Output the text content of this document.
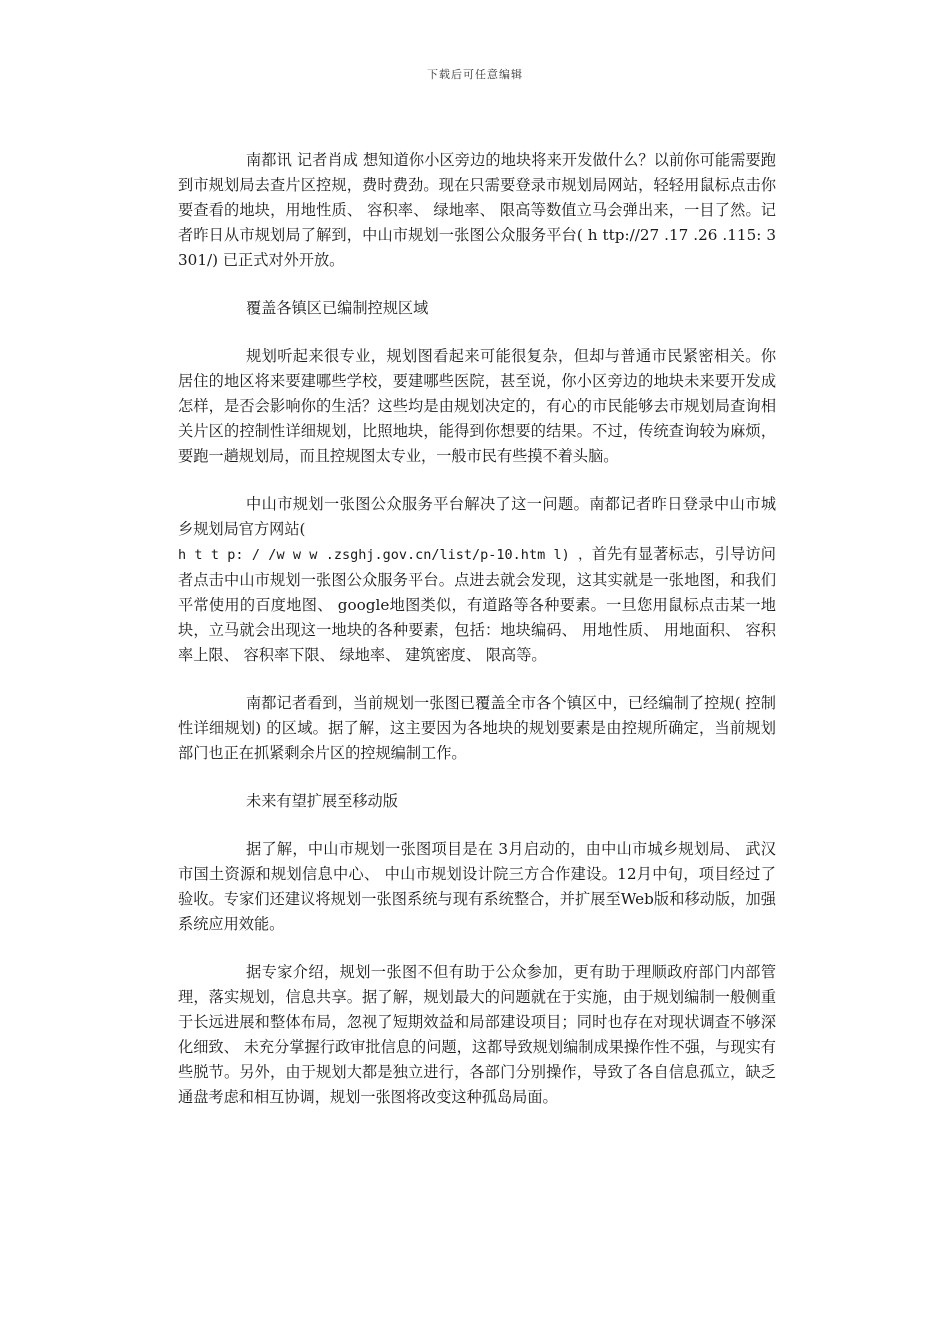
下载后可任意编辑

南都讯 记者肖成 想知道你小区旁边的地块将来开发做什么？以前你可能需要跑到市规划局去查片区控规，费时费劲。现在只需要登录市规划局网站，轻轻用鼠标点击你要查看的地块，用地性质、 容积率、 绿地率、 限高等数值立马会弹出来，一目了然。记者昨日从市规划局了解到，中山市规划一张图公众服务平台( h ttp://27 .17 .26 .115: 3301/) 已正式对外开放。

覆盖各镇区已编制控规区域

规划听起来很专业，规划图看起来可能很复杂，但却与普通市民紧密相关。你居住的地区将来要建哪些学校，要建哪些医院，甚至说，你小区旁边的地块未来要开发成怎样，是否会影响你的生活？这些均是由规划决定的，有心的市民能够去市规划局查询相关片区的控制性详细规划，比照地块，能得到你想要的结果。不过，传统查询较为麻烦，要跑一趟规划局，而且控规图太专业，一般市民有些摸不着头脑。

中山市规划一张图公众服务平台解决了这一问题。南都记者昨日登录中山市城乡规划局官方网站(
h t t p: / /w w w .zsghj.gov.cn/list/p-10.htm l) ，首先有显著标志，引导访问者点击中山市规划一张图公众服务平台。点进去就会发现，这其实就是一张地图，和我们平常使用的百度地图、 google地图类似，有道路等各种要素。一旦您用鼠标点击某一地块，立马就会出现这一地块的各种要素，包括：地块编码、 用地性质、 用地面积、 容积率上限、 容积率下限、 绿地率、 建筑密度、 限高等。

南都记者看到，当前规划一张图已覆盖全市各个镇区中，已经编制了控规( 控制性详细规划) 的区域。据了解，这主要因为各地块的规划要素是由控规所确定，当前规划部门也正在抓紧剩余片区的控规编制工作。

未来有望扩展至移动版

据了解，中山市规划一张图项目是在 3月启动的，由中山市城乡规划局、 武汉市国土资源和规划信息中心、 中山市规划设计院三方合作建设。12月中旬，项目经过了验收。专家们还建议将规划一张图系统与现有系统整合，并扩展至Web版和移动版，加强系统应用效能。

据专家介绍，规划一张图不但有助于公众参加，更有助于理顺政府部门内部管理，落实规划，信息共享。据了解，规划最大的问题就在于实施，由于规划编制一般侧重于长远进展和整体布局，忽视了短期效益和局部建设项目；同时也存在对现状调查不够深化细致、 未充分掌握行政审批信息的问题，这都导致规划编制成果操作性不强，与现实有些脱节。另外，由于规划大都是独立进行，各部门分别操作，导致了各自信息孤立，缺乏通盘考虑和相互协调，规划一张图将改变这种孤岛局面。
